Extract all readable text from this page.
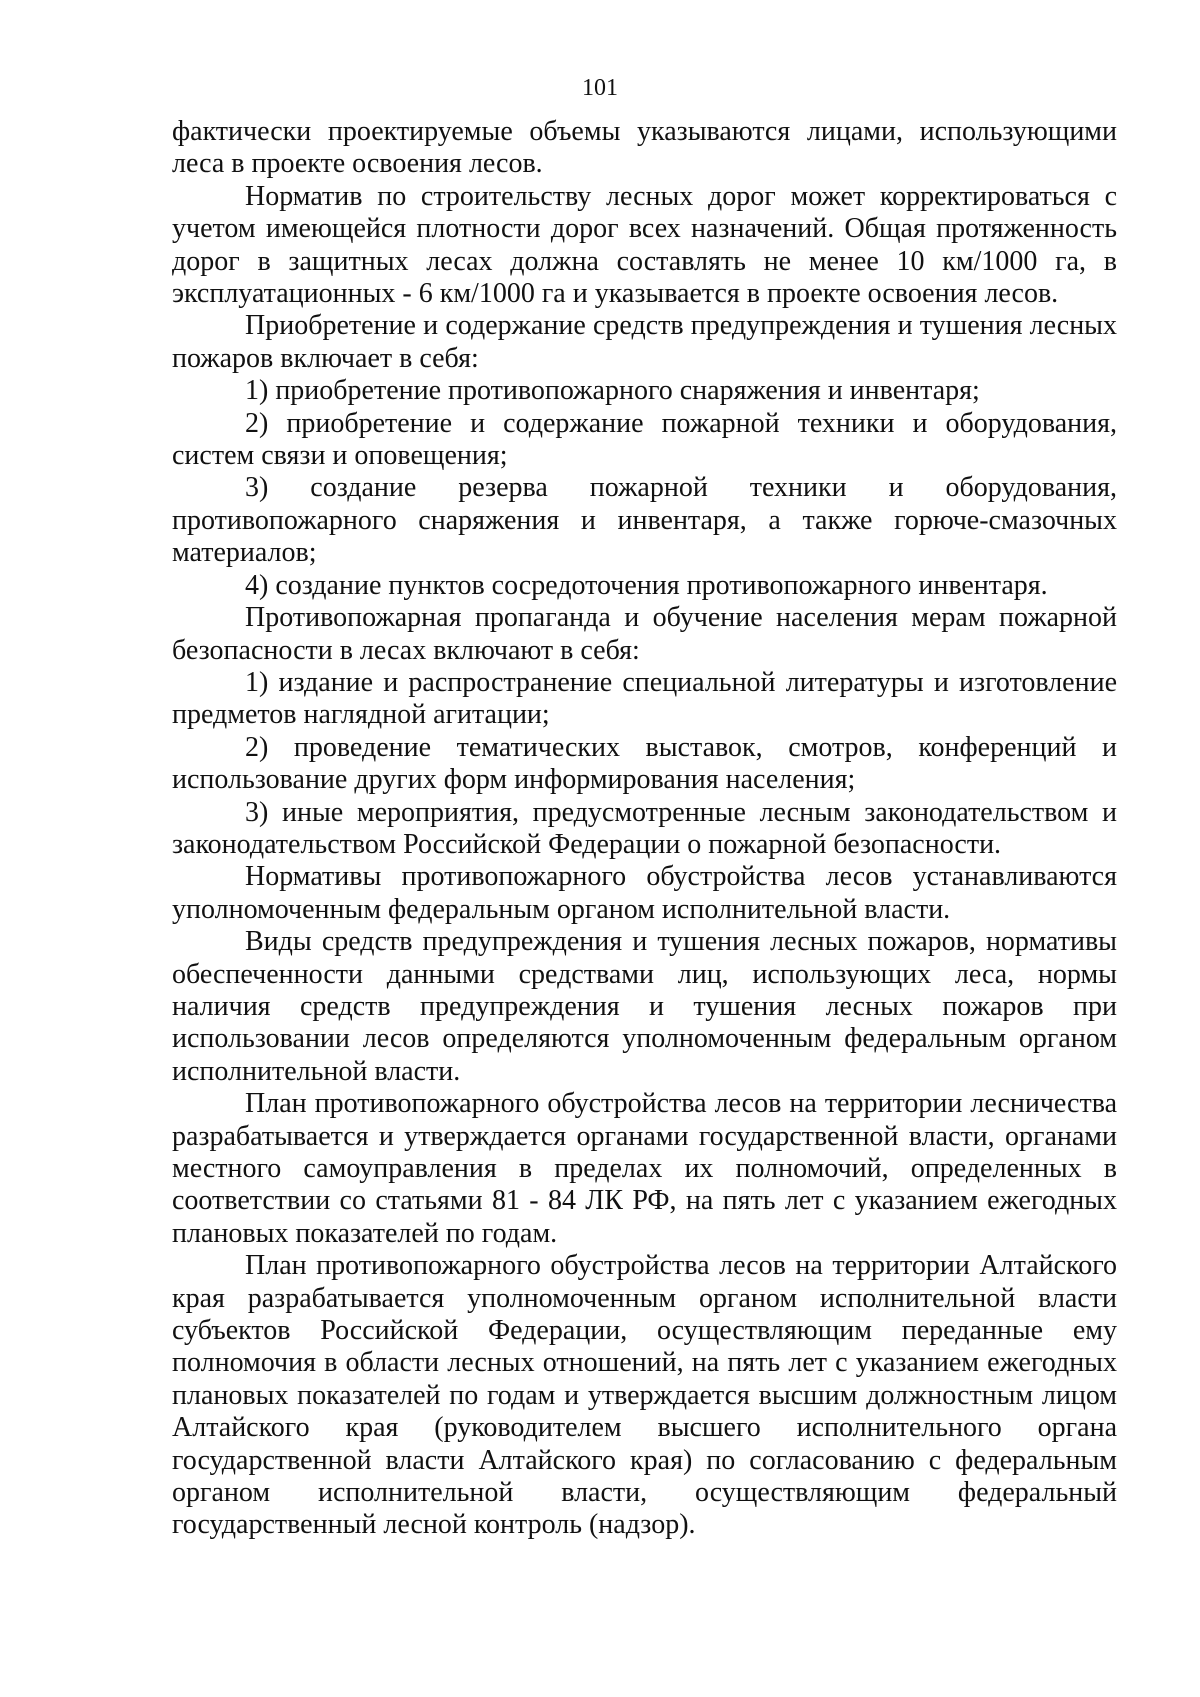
101

фактически проектируемые объемы указываются лицами, использующими леса в проекте освоения лесов.

Норматив по строительству лесных дорог может корректироваться с учетом имеющейся плотности дорог всех назначений. Общая протяженность дорог в защитных лесах должна составлять не менее 10 км/1000 га, в эксплуатационных - 6 км/1000 га и указывается в проекте освоения лесов.

Приобретение и содержание средств предупреждения и тушения лесных пожаров включает в себя:

1) приобретение противопожарного снаряжения и инвентаря;

2) приобретение и содержание пожарной техники и оборудования, систем связи и оповещения;

3) создание резерва пожарной техники и оборудования, противопожарного снаряжения и инвентаря, а также горюче-смазочных материалов;

4) создание пунктов сосредоточения противопожарного инвентаря.

Противопожарная пропаганда и обучение населения мерам пожарной безопасности в лесах включают в себя:

1) издание и распространение специальной литературы и изготовление предметов наглядной агитации;

2) проведение тематических выставок, смотров, конференций и использование других форм информирования населения;

3) иные мероприятия, предусмотренные лесным законодательством и законодательством Российской Федерации о пожарной безопасности.

Нормативы противопожарного обустройства лесов устанавливаются уполномоченным федеральным органом исполнительной власти.

Виды средств предупреждения и тушения лесных пожаров, нормативы обеспеченности данными средствами лиц, использующих леса, нормы наличия средств предупреждения и тушения лесных пожаров при использовании лесов определяются уполномоченным федеральным органом исполнительной власти.

План противопожарного обустройства лесов на территории лесничества разрабатывается и утверждается органами государственной власти, органами местного самоуправления в пределах их полномочий, определенных в соответствии со статьями 81 - 84 ЛК РФ, на пять лет с указанием ежегодных плановых показателей по годам.

План противопожарного обустройства лесов на территории Алтайского края разрабатывается уполномоченным органом исполнительной власти субъектов Российской Федерации, осуществляющим переданные ему полномочия в области лесных отношений, на пять лет с указанием ежегодных плановых показателей по годам и утверждается высшим должностным лицом Алтайского края (руководителем высшего исполнительного органа государственной власти Алтайского края) по согласованию с федеральным органом исполнительной власти, осуществляющим федеральный государственный лесной контроль (надзор).
